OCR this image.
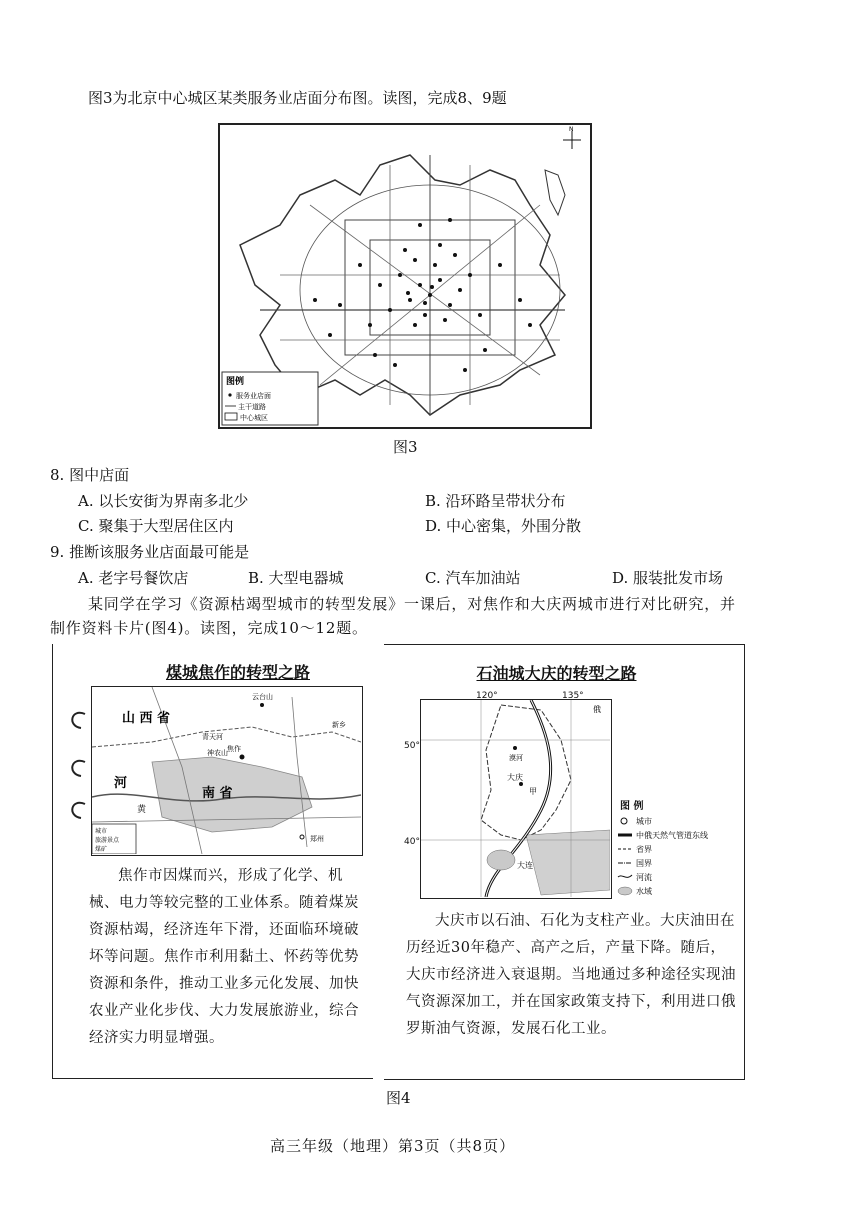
图3为北京中心城区某类服务业店面分布图。读图，完成8、9题
图例
服务业店面
主干道路
中心城区
N
图3
8. 图中店面
A. 以长安街为界南多北少	B. 沿环路呈带状分布
C. 聚集于大型居住区内	D. 中心密集，外围分散
9. 推断该服务业店面最可能是
A. 老字号餐饮店	B. 大型电器城	C. 汽车加油站	D. 服装批发市场
某同学在学习《资源枯竭型城市的转型发展》一课后，对焦作和大庆两城市进行对比研究，并
制作资料卡片(图4)。读图，完成10～12题。
煤城焦作的转型之路
山 西 省
河
南 省
焦作
云台山
青天河
神农山
新乡
郑州
黄
城市
旅游景点
煤矿
焦作市因煤而兴，形成了化学、机械、电力等较完整的工业体系。随着煤炭资源枯竭，经济连年下滑，还面临环境破坏等问题。焦作市利用黏土、怀药等优势资源和条件，推动工业多元化发展、加快农业产业化步伐、大力发展旅游业，综合经济实力明显增强。
石油城大庆的转型之路
漠河
大庆
甲
大连
俄
120°	135°
50°
40°
图 例
城市
中俄天然气管道东线
省界
国界
河流
水域
大庆市以石油、石化为支柱产业。大庆油田在历经近30年稳产、高产之后，产量下降。随后，大庆市经济进入衰退期。当地通过多种途径实现油气资源深加工，并在国家政策支持下，利用进口俄罗斯油气资源，发展石化工业。
图4
高三年级（地理）第3页（共8页）
